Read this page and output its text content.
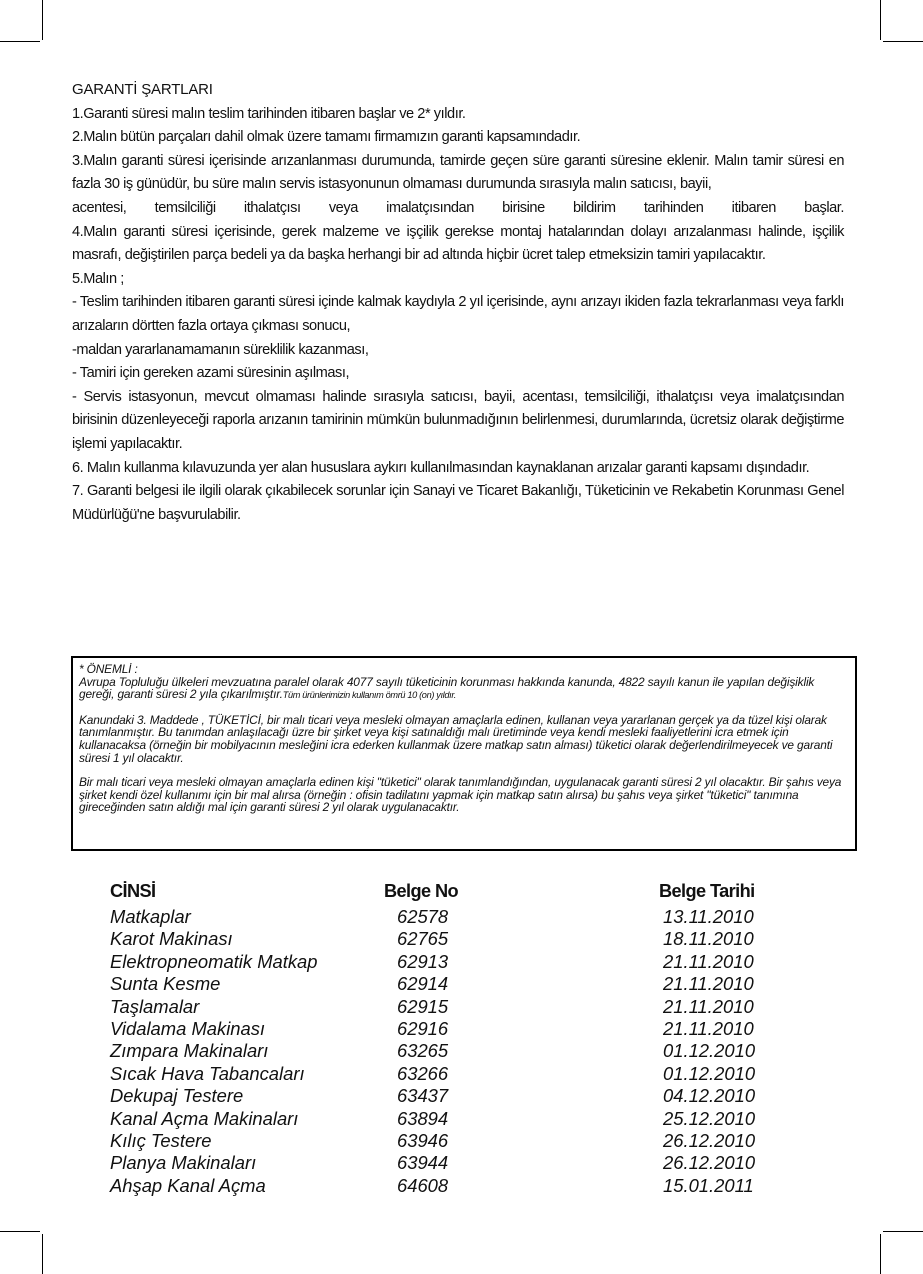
GARANTİ ŞARTLARI

1.Garanti süresi malın teslim tarihinden itibaren başlar ve 2* yıldır.

2.Malın bütün parçaları dahil olmak üzere tamamı firmamızın garanti kapsamındadır.

3.Malın garanti süresi içerisinde arızanlanması durumunda, tamirde geçen süre garanti süresine eklenir. Malın tamir süresi en fazla 30 iş günüdür, bu süre malın servis istasyonunun olmaması durumunda sırasıyla malın satıcısı, bayii,

acentesi, temsilciliği ithalatçısı veya imalatçısından birisine bildirim tarihinden itibaren başlar.

4.Malın garanti süresi içerisinde, gerek malzeme ve işçilik gerekse montaj hatalarından dolayı arızalanması halinde, işçilik masrafı, değiştirilen parça bedeli ya da başka herhangi bir ad altında hiçbir ücret talep etmeksizin tamiri yapılacaktır.

5.Malın ;

- Teslim tarihinden itibaren garanti süresi içinde kalmak kaydıyla 2 yıl içerisinde, aynı arızayı ikiden fazla tekrarlanması veya farklı arızaların dörtten fazla ortaya çıkması sonucu,

-maldan yararlanamamanın süreklilik kazanması,

- Tamiri için gereken azami süresinin aşılması,

- Servis istasyonun, mevcut olmaması halinde sırasıyla satıcısı, bayii, acentası, temsilciliği, ithalatçısı veya imalatçısından birisinin düzenleyeceği raporla arızanın tamirinin mümkün bulunmadığının belirlenmesi, durumlarında, ücretsiz olarak değiştirme işlemi yapılacaktır.

6. Malın kullanma kılavuzunda yer alan hususlara aykırı kullanılmasından kaynaklanan arızalar garanti kapsamı dışındadır.

7. Garanti belgesi ile ilgili olarak çıkabilecek sorunlar için Sanayi ve Ticaret Bakanlığı, Tüketicinin ve Rekabetin Korunması Genel Müdürlüğü'ne başvurulabilir.

* ÖNEMLİ :

Avrupa Topluluğu ülkeleri mevzuatına paralel olarak 4077 sayılı tüketicinin korunması hakkında kanunda, 4822 sayılı kanun ile yapılan değişiklik gereği, garanti süresi 2 yıla çıkarılmıştır.Tüm ürünlerimizin kullanım ömrü 10 (on) yıldır.

Kanundaki 3. Maddede , TÜKETİCİ, bir malı ticari veya mesleki olmayan amaçlarla edinen, kullanan veya yararlanan gerçek ya da tüzel kişi olarak tanımlanmıştır. Bu tanımdan anlaşılacağı üzre bir şirket veya kişi satınaldığı malı üretiminde veya kendi mesleki faaliyetlerini icra etmek için kullanacaksa (örneğin bir mobilyacının mesleğini icra ederken kullanmak üzere matkap satın alması) tüketici olarak değerlendirilmeyecek ve garanti süresi 1 yıl olacaktır.

Bir malı ticari veya mesleki olmayan amaçlarla edinen kişi "tüketici" olarak tanımlandığından, uygulanacak garanti süresi 2 yıl olacaktır. Bir şahıs veya şirket kendi özel kullanımı için bir mal alırsa (örneğin : ofisin tadilatını yapmak için matkap satın alırsa) bu şahıs veya şirket "tüketici" tanımına gireceğinden satın aldığı mal için garanti süresi 2 yıl olarak uygulanacaktır.

CİNSİ	Belge No	Belge Tarihi
Matkaplar	62578	13.11.2010
Karot Makinası	62765	18.11.2010
Elektropneomatik Matkap	62913	21.11.2010
Sunta Kesme	62914	21.11.2010
Taşlamalar	62915	21.11.2010
Vidalama Makinası	62916	21.11.2010
Zımpara Makinaları	63265	01.12.2010
Sıcak Hava Tabancaları	63266	01.12.2010
Dekupaj Testere	63437	04.12.2010
Kanal Açma Makinaları	63894	25.12.2010
Kılıç Testere	63946	26.12.2010
Planya Makinaları	63944	26.12.2010
Ahşap Kanal Açma	64608	15.01.2011
